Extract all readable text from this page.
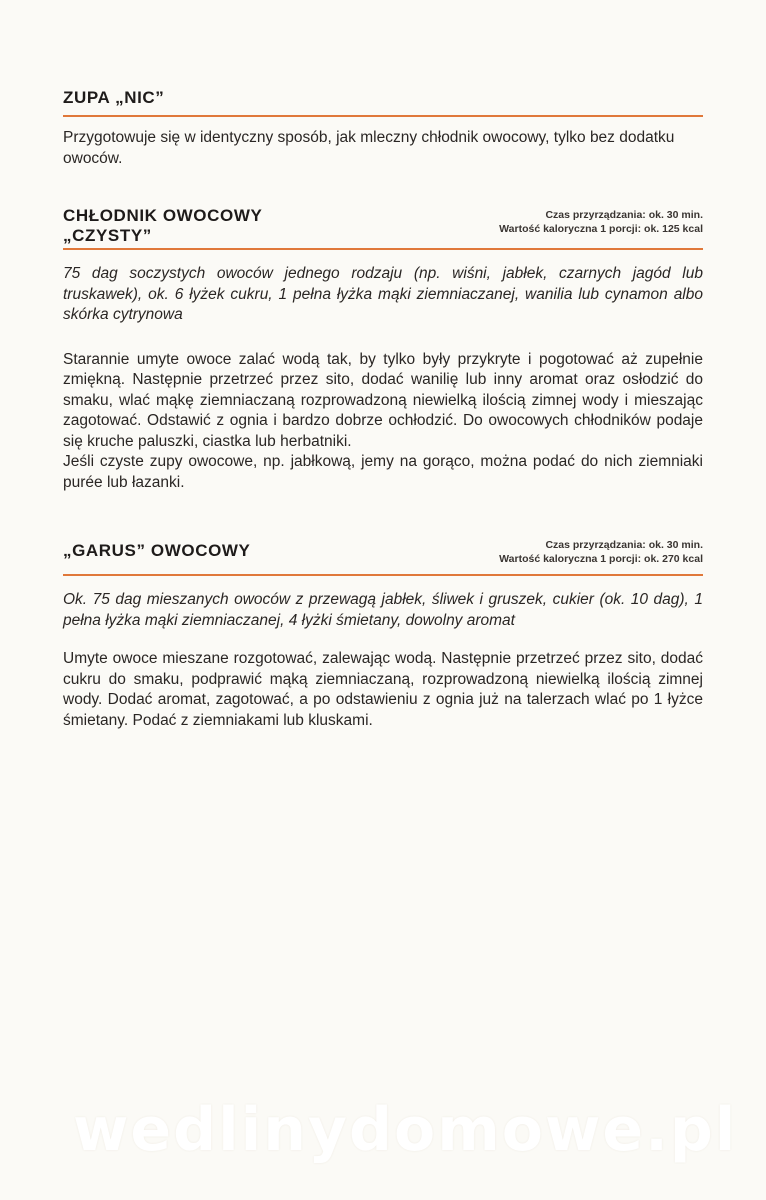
ZUPA „NIC”

Przygotowuje się w identyczny sposób, jak mleczny chłodnik owocowy, tylko bez dodatku owoców.

CHŁODNIK OWOCOWY
„CZYSTY”
Czas przyrządzania: ok. 30 min.
Wartość kaloryczna 1 porcji: ok. 125 kcal

75 dag soczystych owoców jednego rodzaju (np. wiśni, jabłek, czarnych jagód lub truskawek), ok. 6 łyżek cukru, 1 pełna łyżka mąki ziemniaczanej, wanilia lub cynamon albo skórka cytrynowa

Starannie umyte owoce zalać wodą tak, by tylko były przykryte i pogotować aż zupełnie zmiękną. Następnie przetrzeć przez sito, dodać wanilię lub inny aromat oraz osłodzić do smaku, wlać mąkę ziemniaczaną rozprowadzoną niewielką ilością zimnej wody i mieszając zagotować. Odstawić z ognia i bardzo dobrze ochłodzić. Do owocowych chłodników podaje się kruche paluszki, ciastka lub herbatniki.

Jeśli czyste zupy owocowe, np. jabłkową, jemy na gorąco, można podać do nich ziemniaki purée lub łazanki.

„GARUS” OWOCOWY	Czas przyrządzania: ok. 30 min.
Wartość kaloryczna 1 porcji: ok. 270 kcal

Ok. 75 dag mieszanych owoców z przewagą jabłek, śliwek i gruszek, cukier (ok. 10 dag), 1 pełna łyżka mąki ziemniaczanej, 4 łyżki śmietany, dowolny aromat

Umyte owoce mieszane rozgotować, zalewając wodą. Następnie przetrzeć przez sito, dodać cukru do smaku, podprawić mąką ziemniaczaną, rozprowadzoną niewielką ilością zimnej wody. Dodać aromat, zagotować, a po odstawieniu z ognia już na talerzach wlać po 1 łyżce śmietany. Podać z ziemniakami lub kluskami.

wedlinydomowe.pl
